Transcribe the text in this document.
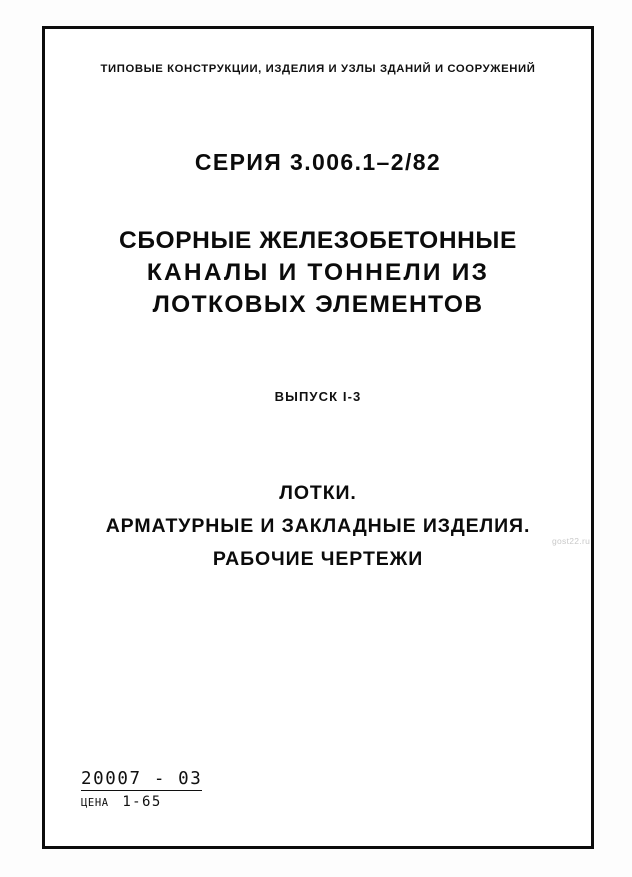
ТИПОВЫЕ КОНСТРУКЦИИ, ИЗДЕЛИЯ И УЗЛЫ ЗДАНИЙ И СООРУЖЕНИЙ
СЕРИЯ 3.006.1–2/82
СБОРНЫЕ ЖЕЛЕЗОБЕТОННЫЕ
КАНАЛЫ И ТОННЕЛИ ИЗ
ЛОТКОВЫХ ЭЛЕМЕНТОВ
ВЫПУСК I-3
ЛОТКИ.
АРМАТУРНЫЕ И ЗАКЛАДНЫЕ ИЗДЕЛИЯ.
РАБОЧИЕ ЧЕРТЕЖИ
20007 - 03
ЦЕНА 1-65
gost22.ru
